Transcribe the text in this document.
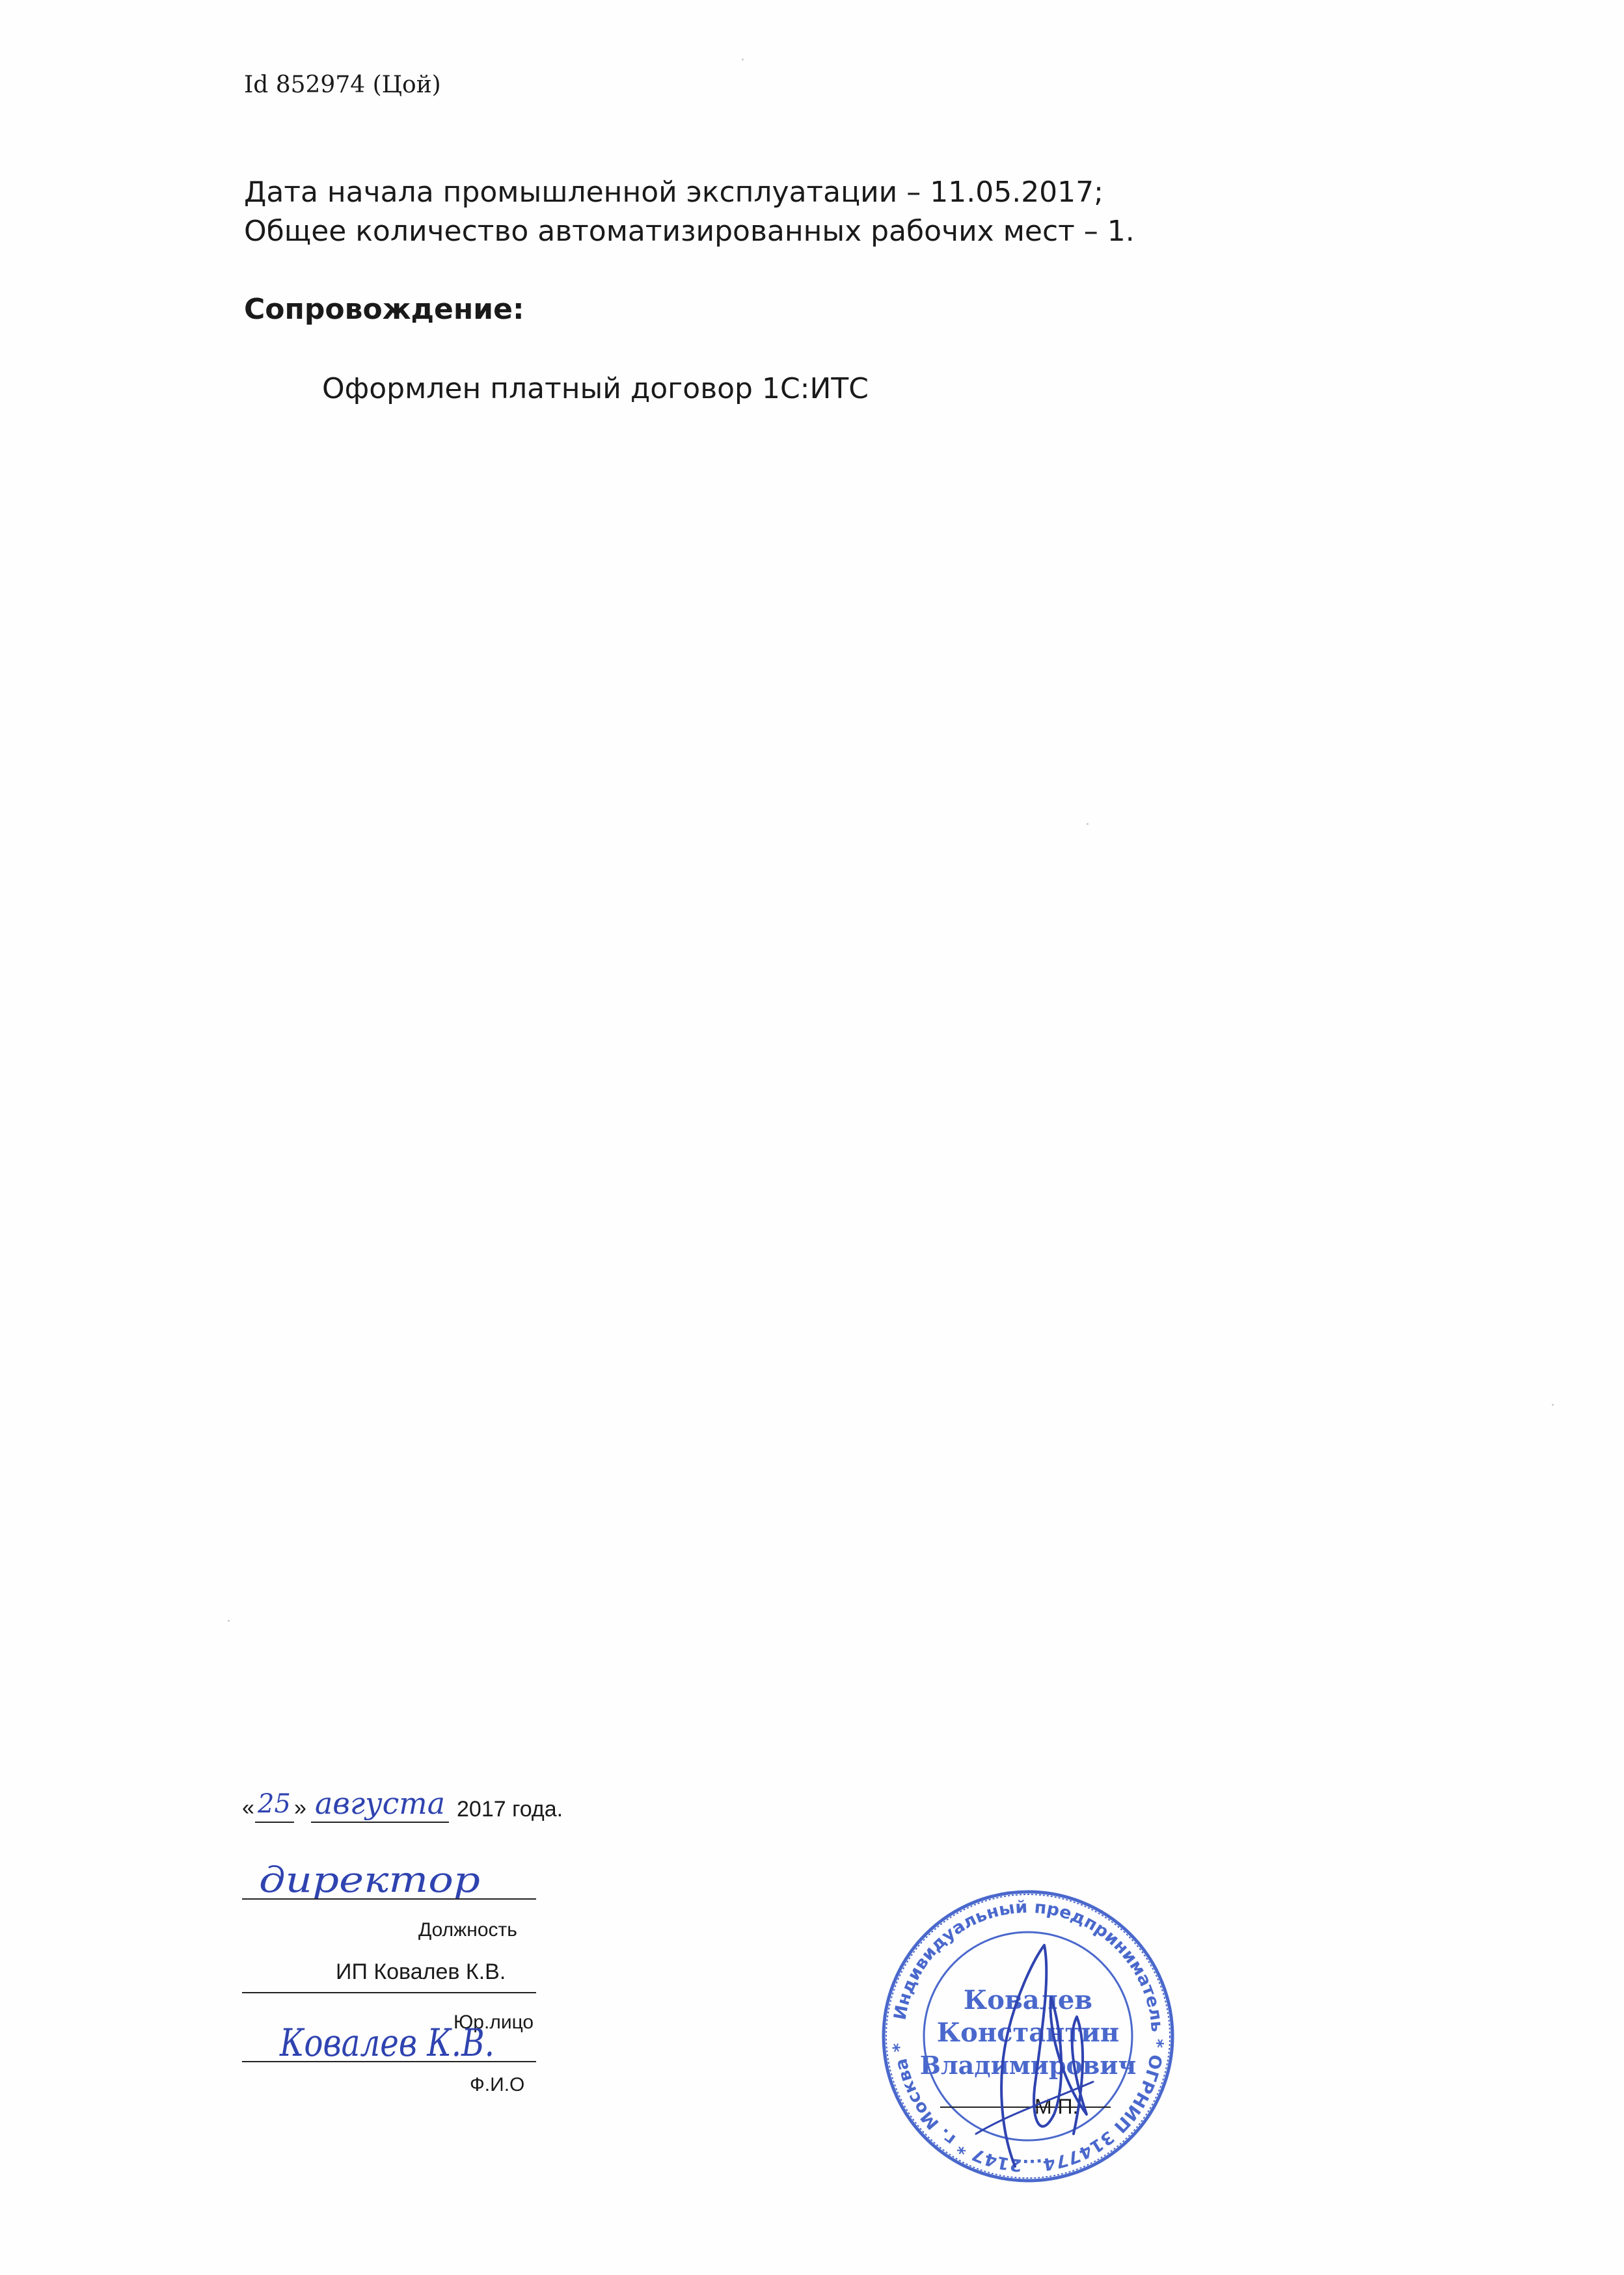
Id 852974 (Цой)
Дата начала промышленной эксплуатации – 11.05.2017;
Общее количество автоматизированных рабочих мест – 1.
Сопровождение:
Оформлен платный договор 1С:ИТС
« 25 » августа 2017 года.
директор
Должность
ИП Ковалев К.В.
Юр.лицо
Ковалев К.В.
Ф.И.О
Индивидуальный предприниматель * ОГРНИП 314774...2147 * г. Москва *
Ковалев
Константин
Владимирович
М.П.
